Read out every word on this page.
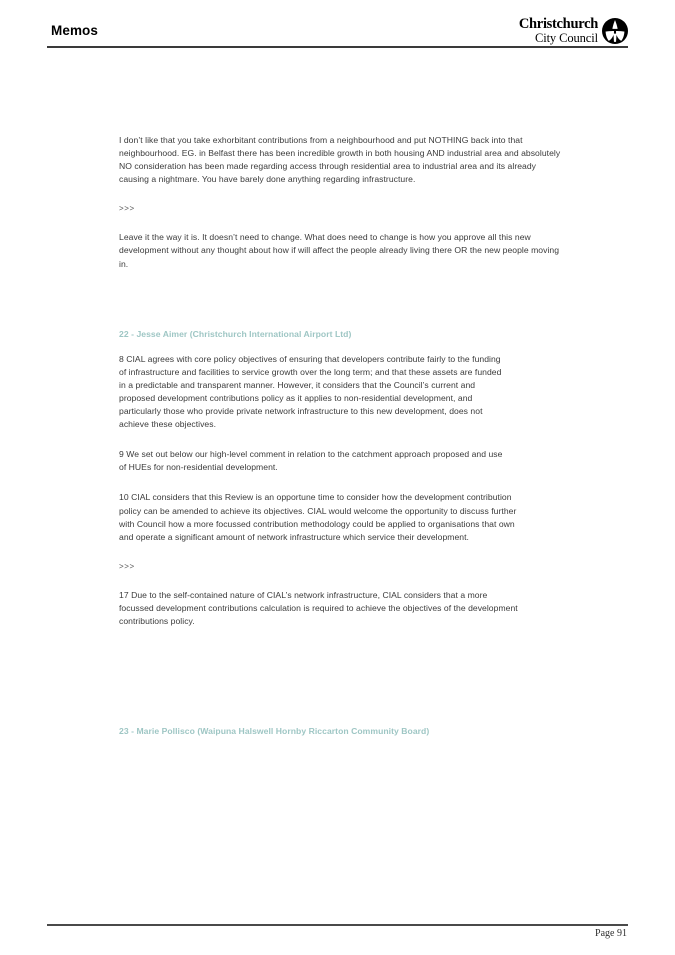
Memos	Christchurch
City Council

I don’t like that you take exhorbitant contributions from a neighbourhood and put NOTHING back into that neighbourhood. EG. in Belfast there has been incredible growth in both housing AND industrial area and absolutely NO consideration has been made regarding access through residential area to industrial area and its already causing a nightmare. You have barely done anything regarding infrastructure.

>>>

Leave it the way it is. It doesn’t need to change. What does need to change is how you approve all this new development without any thought about how if will affect the people already living there OR the new people moving in.

22 - Jesse Aimer (Christchurch International Airport Ltd)

8 CIAL agrees with core policy objectives of ensuring that developers contribute fairly to the funding of infrastructure and facilities to service growth over the long term; and that these assets are funded in a predictable and transparent manner. However, it considers that the Council’s current and proposed development contributions policy as it applies to non-residential development, and particularly those who provide private network infrastructure to this new development, does not achieve these objectives.

9 We set out below our high-level comment in relation to the catchment approach proposed and use of HUEs for non-residential development.

10 CIAL considers that this Review is an opportune time to consider how the development contribution policy can be amended to achieve its objectives. CIAL would welcome the opportunity to discuss further with Council how a more focussed contribution methodology could be applied to organisations that own and operate a significant amount of network infrastructure which service their development.

>>>

17 Due to the self-contained nature of CIAL’s network infrastructure, CIAL considers that a more focussed development contributions calculation is required to achieve the objectives of the development contributions policy.

23 - Marie Pollisco (Waipuna Halswell Hornby Riccarton Community Board)
Page 91
